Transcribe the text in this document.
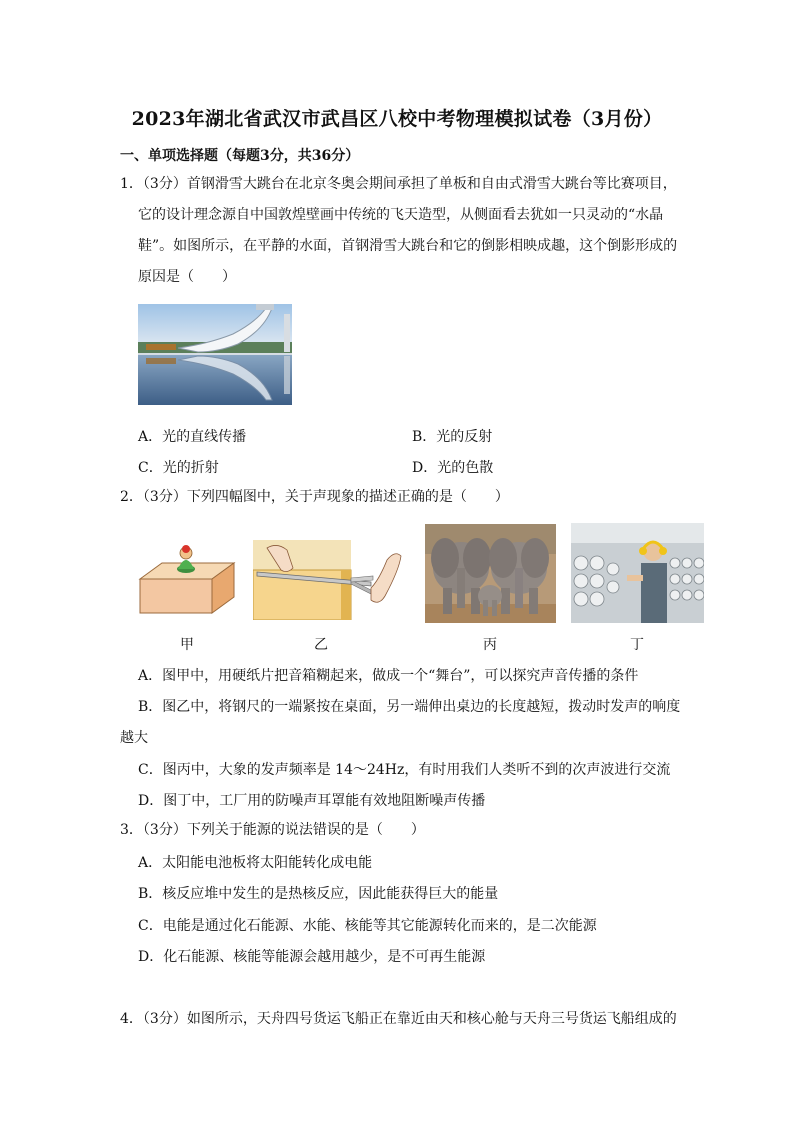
2023年湖北省武汉市武昌区八校中考物理模拟试卷（3月份）
一、单项选择题（每题3分，共36分）
1．（3分）首钢滑雪大跳台在北京冬奥会期间承担了单板和自由式滑雪大跳台等比赛项目，
它的设计理念源自中国敦煌壁画中传统的飞天造型，从侧面看去犹如一只灵动的“水晶
鞋”。如图所示，在平静的水面，首钢滑雪大跳台和它的倒影相映成趣，这个倒影形成的
原因是（　　）
A．光的直线传播	B．光的反射
C．光的折射	D．光的色散
2．（3分）下列四幅图中，关于声现象的描述正确的是（　　）
甲	乙	丙	丁
A．图甲中，用硬纸片把音箱糊起来，做成一个“舞台”，可以探究声音传播的条件
B．图乙中，将钢尺的一端紧按在桌面，另一端伸出桌边的长度越短，拨动时发声的响度
越大
C．图丙中，大象的发声频率是 14～24Hz，有时用我们人类听不到的次声波进行交流
D．图丁中，工厂用的防噪声耳罩能有效地阻断噪声传播
3．（3分）下列关于能源的说法错误的是（　　）
A．太阳能电池板将太阳能转化成电能
B．核反应堆中发生的是热核反应，因此能获得巨大的能量
C．电能是通过化石能源、水能、核能等其它能源转化而来的，是二次能源
D．化石能源、核能等能源会越用越少，是不可再生能源
4．（3分）如图所示，天舟四号货运飞船正在靠近由天和核心舱与天舟三号货运飞船组成的
